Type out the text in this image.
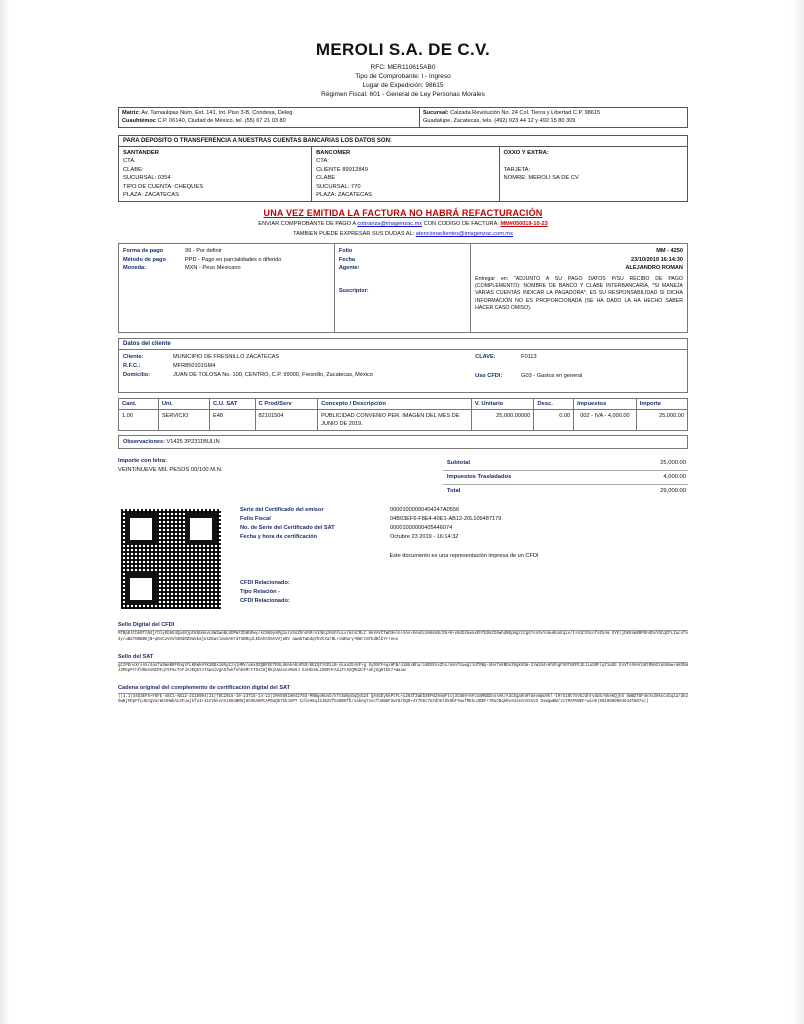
MEROLI S.A. DE C.V.
RFC: MER110615AB0
Tipo de Comprobante: I - Ingreso
Lugar de Expedición: 98615
Régimen Fiscal: 601 - General de Ley Personas Morales
Matriz: Av. Tamaulipas Núm. Ext. 141, Int. Piso 3-B, Condesa, Deleg.
Cuauhtémoc C.P. 06140, Ciudad de México, tel. (55) 67 21 03 80
Sucursal: Calzada Revolución No. 24 Col. Tierra y Libertad C.P. 98615
Guadalupe, Zacatecas, tels. (492) 923 44 12 y 492 15 80 309
PARA DEPOSITO O TRANSFERENCIA A NUESTRAS CUENTAS BANCARIAS LOS DATOS SON:
SANTANDER
CTA.
CLABE:
SUCURSAL: 0354
TIPO DE CUENTA: CHEQUES
PLAZA: ZACATECAS
BANCOMER
CTA:
CLIENTE 89912849
CLABE
SUCURSAL: 770
PLAZA: ZACATECAS
OXXO Y EXTRA:

TARJETA:
NOMRE: MEROLI SA DE CV
UNA VEZ EMITIDA LA FACTURA NO HABRÁ REFACTURACIÓN
ENVIAR COMPROBANTE DE PAGO A cobranza@imagenzac.mx CON CODIGO DE FACTURA: MM#050019-10-23
TAMBIEN PUEDE EXPRESAR SUS DUDAS AL: atencionaclientes@imagenzac.com.mx
Forma de pago	99 - Por definir
Método de pago	PPD - Pago en parcialidades o diferido
Moneda:	MXN - Peso Mexicano
Folio
Fecha
Agente:
Suscriptor:
MM - 4250
23/10/2019 16:14:30
ALEJANDRO ROMAN
Entregar en: "ADJUNTO A SU PAGO DATOS P/SU RECIBO DE PAGO (COMPLEMENTO): NOMBRE DE BANCO Y CLABE INTERBANCARIA, *SI MANEJA VARIAS CUENTAS INDICAR LA PAGADORA*, ES SU RESPONSABILIDAD SI DICHA INFORMACIÓN NO ES PROPORCIONADA (SE HA DADO LA HA HECHO SABER HACER CASO OMISO).
Datos del cliente
Cliente:	MUNICIPIO DE FRESNILLO ZACATECAS
R.F.C.:	MFR850101SM4
Domicilio:	JUAN DE TOLOSA No. 100, CENTRO, C.P. 99000, Fresnillo, Zacatecas, México
CLAVE:	F0113
Uso CFDI:	G03 - Gastos en general
Cant.	Uni.	C.U. SAT	C Prod/Serv	Concepto / Descripción	V. Unitario	Desc.	Impuestos	Importe
1.00	SERVICIO	E48	82101504	PUBLICIDAD CONVENIO PER. IMAGEN DEL MES DE JUNIO DE 2019.	25,000.00000	0.00	002 - IVA - 4,000.00	25,000.00
Observaciones: V1425 3P2311BULIN
Importe con letra:
VEINTINUEVE MIL PESOS 00/100 M.N.
Subtotal	25,000.00
Impuestos Trasladados	4,000.00
Total	29,000.00
Serie del Certificado del emisor	00001000000404247A0556
Folio Fiscal	04B03EF6-F8E4-40E1-AB12-20L109487179
No. de Serie del Certificado del SAT	00001000000405446074
Fecha y hora de certificación	Octubre 23 2019 - 16:14:32
Este documento es una representación impresa de un CFDI
CFDI Relacionado:
Tipo Relación -
CFDI Relacionado:
Sello Digital del CFDI
MfBpE4tbkRfcN4jrOlyEb6G4Qa40jptKbUHevL8W2woBcdOPWrZbNbPwy/kC860y8Pg1ursSAZhnnhM/A1hEqzRohYuLvrmzsCRLI HeVAVCTwD3eln+XAn+OeoGcXH6KsB/Z8+N+v0d2XkwnvEhTbDkZ20whdNEpHgzCCg67snSvYomuKUuEqiv/I+51CV5cnfAZkAm SYEljDkRsW8RPDnODvYbCqCFLIacsfe4y/uBZYN6BDKjN+qNsCuVVvhSRdRZ0a5kajUsZEwslmu5AHrdTGBRqJLEDAhC55AVVjaNV awwbTwDdqYbVCXarBL+cWEwry+BWrzmTkdBlbYr+eoo
Sello del SAT
gCzPEnsXrsnX/4aoTaSWeBRFEHqVYLKKWkHYK3BDxiNhpIzAjHMV/a6xOZQBFEETRSLUHnkAbnPSD/0EIQtYGD1cB-mlaaIEs8F+g XyDXFFeqs0FB/4iBUsBhu/i8EEEnsZhc/a5nfGuwgzlUfRBq-UHsfvKBOx39gkhDm-2lW344+HhhhgFSOTUEFEJEJiaSRFlq71aSE EnVTsSAHrp0tRNAZrabUmw+aKOUWJ2PEpPrhfURUAsNCRFq7SFmcToFJAJEQGtoTXwalVgnSfwhfehkSMrtTSsC8jRkyUUaxAsMaSJ ExHEnHL2XBFHrAXiFt6XQMd2CF+ahjGgHtbk7+Wauw
Cadena original del complemento de certificación digital del SAT
||1.1|34D3EF6+F6FE-48C1-AB12-2C1D094|21|7DC2015-10-23T15-14-22|IMA5O810042703-M9BgoKUsb/kfC6WbyDqQsG24 QA4GEy5kPtFL+u294fZwEbX0FW29sWFtoj3C860+8Fo1mM5BZnssVK/A3cEga9nHYaevmmUVkl-IHr510C7xV5JdhrvUUb/0keKQjkS OWBZT8FvkVx39kncxbq1a/dk2GwNjFEpFfpJECgVarmHJHWbALSFuajkfu1+31CV5knnVJXKnBMUj8CH6A8MtAP0aQb7kbJeP? CdleH6qJbJB2VfboBDKfb/sabeq7vvcfuSB8F2wrBrbQ0+4Y7DGc7m7dhHlOk9bF7wufMEkuJBEF+7RuCBqkRxsUsXAnVSsV3 OsmgwBW/zcYRAPVBEF+win0|0010000004644h607a||
